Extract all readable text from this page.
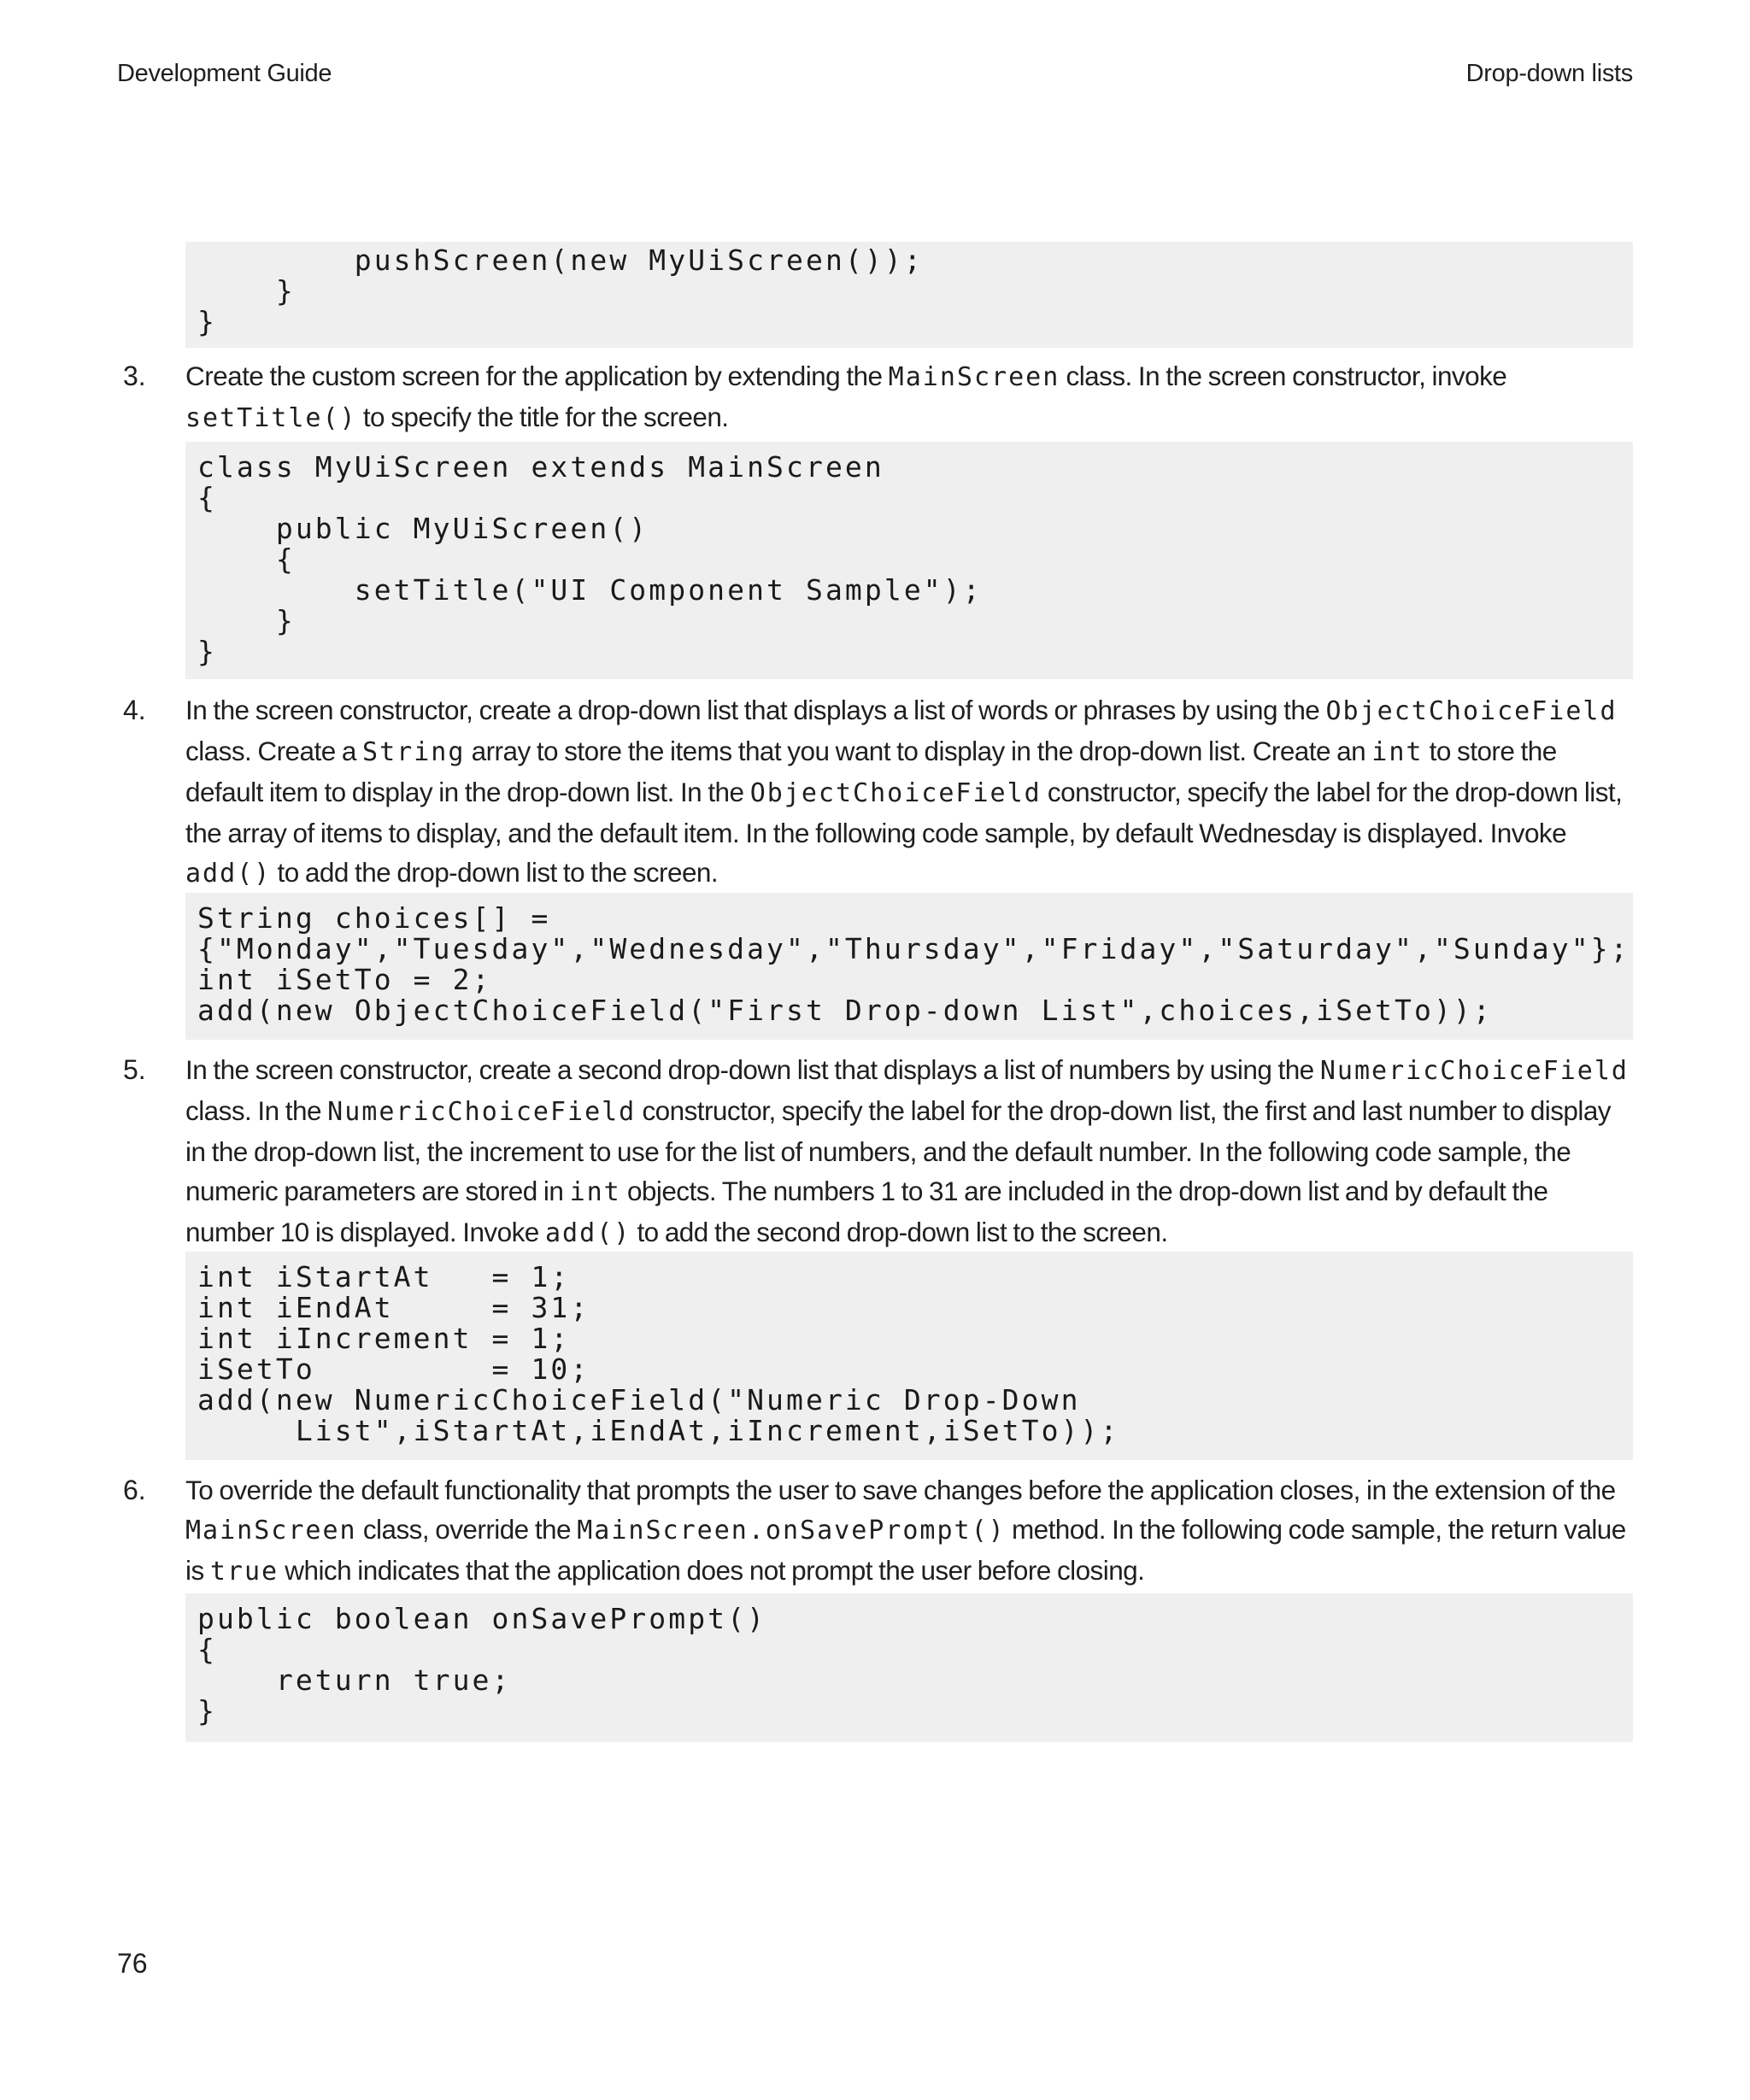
Development Guide	Drop-down lists
pushScreen(new MyUiScreen());
}
}
3. Create the custom screen for the application by extending the MainScreen class. In the screen constructor, invoke setTitle() to specify the title for the screen.
class MyUiScreen extends MainScreen
{
public MyUiScreen()
{
setTitle("UI Component Sample");
}
}
4. In the screen constructor, create a drop-down list that displays a list of words or phrases by using the ObjectChoiceField class. Create a String array to store the items that you want to display in the drop-down list. Create an int to store the default item to display in the drop-down list. In the ObjectChoiceField constructor, specify the label for the drop-down list, the array of items to display, and the default item. In the following code sample, by default Wednesday is displayed. Invoke add() to add the drop-down list to the screen.
String choices[] =
{"Monday","Tuesday","Wednesday","Thursday","Friday","Saturday","Sunday"};
int iSetTo = 2;
add(new ObjectChoiceField("First Drop-down List",choices,iSetTo));
5. In the screen constructor, create a second drop-down list that displays a list of numbers by using the NumericChoiceField class. In the NumericChoiceField constructor, specify the label for the drop-down list, the first and last number to display in the drop-down list, the increment to use for the list of numbers, and the default number. In the following code sample, the numeric parameters are stored in int objects. The numbers 1 to 31 are included in the drop-down list and by default the number 10 is displayed. Invoke add() to add the second drop-down list to the screen.
int iStartAt   = 1;
int iEndAt     = 31;
int iIncrement = 1;
iSetTo         = 10;
add(new NumericChoiceField("Numeric Drop-Down
List",iStartAt,iEndAt,iIncrement,iSetTo));
6. To override the default functionality that prompts the user to save changes before the application closes, in the extension of the MainScreen class, override the MainScreen.onSavePrompt() method. In the following code sample, the return value is true which indicates that the application does not prompt the user before closing.
public boolean onSavePrompt()
{
return true;
}
76
